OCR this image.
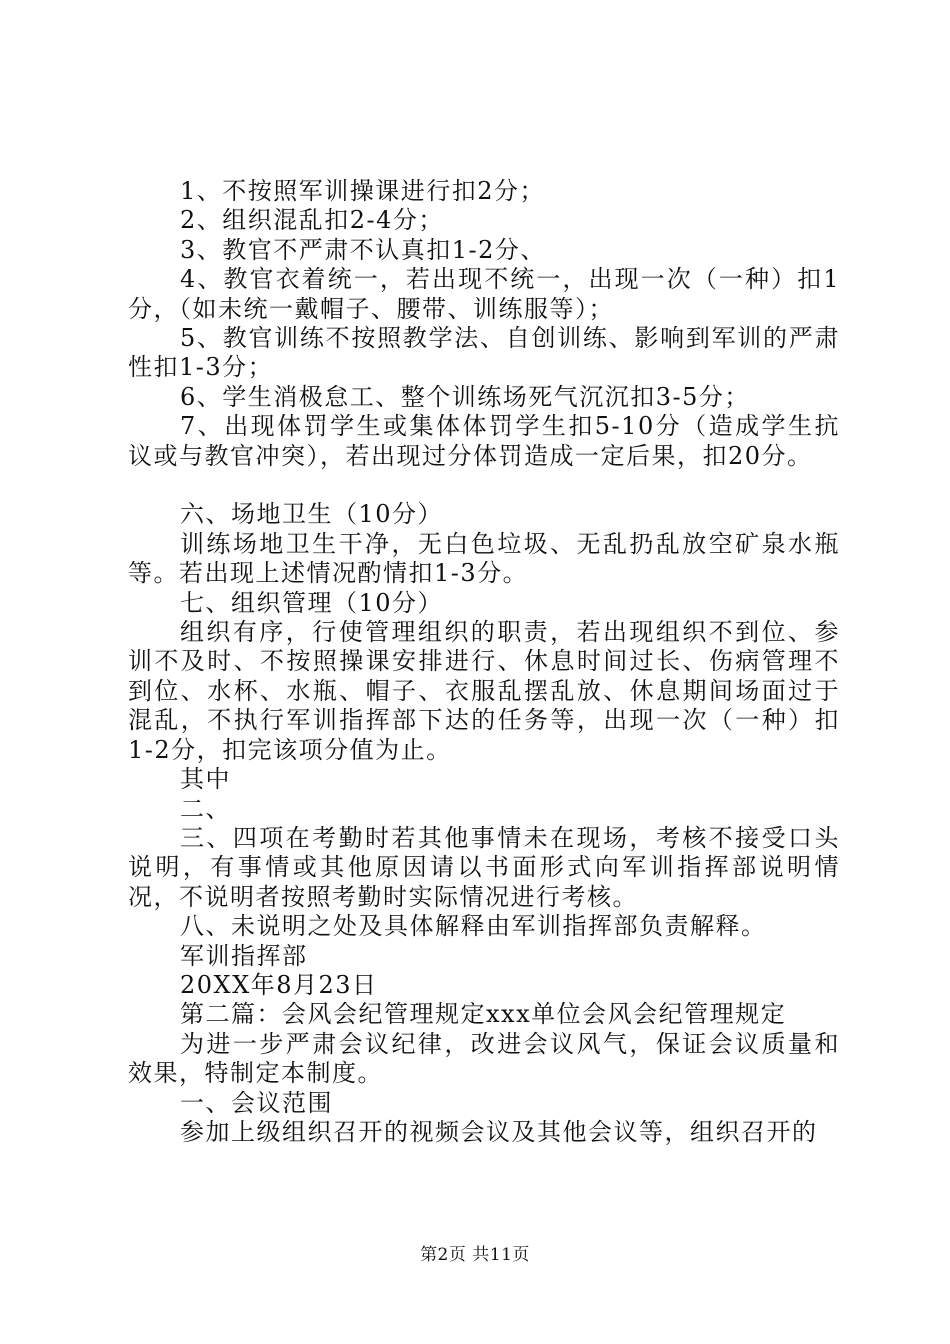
1、不按照军训操课进行扣2分；

2、组织混乱扣2-4分；

3、教官不严肃不认真扣1-2分、

4、教官衣着统一，若出现不统一，出现一次（一种）扣1分，（如未统一戴帽子、腰带、训练服等）；

5、教官训练不按照教学法、自创训练、影响到军训的严肃性扣1-3分；

6、学生消极怠工、整个训练场死气沉沉扣3-5分；

7、出现体罚学生或集体体罚学生扣5-10分（造成学生抗议或与教官冲突），若出现过分体罚造成一定后果，扣20分。

六、场地卫生（10分）

训练场地卫生干净，无白色垃圾、无乱扔乱放空矿泉水瓶等。若出现上述情况酌情扣1-3分。

七、组织管理（10分）

组织有序，行使管理组织的职责，若出现组织不到位、参训不及时、不按照操课安排进行、休息时间过长、伤病管理不到位、水杯、水瓶、帽子、衣服乱摆乱放、休息期间场面过于混乱，不执行军训指挥部下达的任务等，出现一次（一种）扣1-2分，扣完该项分值为止。

其中

二、

三、四项在考勤时若其他事情未在现场，考核不接受口头说明，有事情或其他原因请以书面形式向军训指挥部说明情况，不说明者按照考勤时实际情况进行考核。

八、未说明之处及具体解释由军训指挥部负责解释。

军训指挥部

20XX年8月23日

第二篇：会风会纪管理规定xxx单位会风会纪管理规定

为进一步严肃会议纪律，改进会议风气，保证会议质量和效果，特制定本制度。

一、会议范围

参加上级组织召开的视频会议及其他会议等，组织召开的

第2页 共11页
